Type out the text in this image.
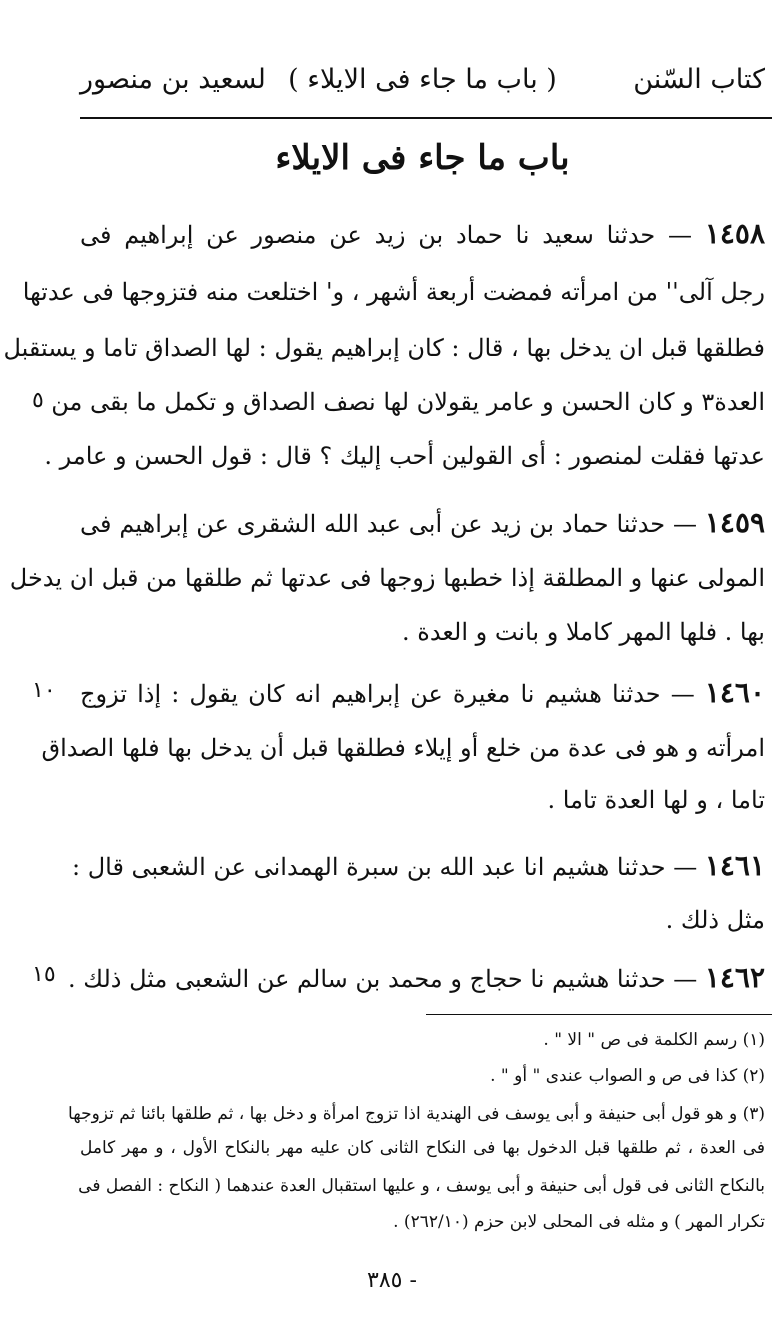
كتاب السّنن
( باب ما جاء فى الايلاء )
لسعيد بن منصور
باب ما جاء فى الايلاء
١٤٥٨ — حدثنا سعيد نا حماد بن زيد عن منصور عن إبراهيم فى
رجل آلى'' من امرأته فمضت أربعة أشهر ، و' اختلعت منه فتزوجها فى عدتها
فطلقها قبل ان يدخل بها ، قال : كان إبراهيم يقول : لها الصداق تاما و يستقبل
العدة٣ و كان الحسن و عامر يقولان لها نصف الصداق و تكمل ما بقى من
عدتها فقلت لمنصور : أى القولين أحب إليك ؟ قال : قول الحسن و عامر .
١٤٥٩ — حدثنا حماد بن زيد عن أبى عبد الله الشقرى عن إبراهيم فى
المولى عنها و المطلقة إذا خطبها زوجها فى عدتها ثم طلقها من قبل ان يدخل
بها . فلها المهر كاملا و بانت و العدة .
١٤٦٠ — حدثنا هشيم نا مغيرة عن إبراهيم انه كان يقول : إذا تزوج
امرأته و هو فى عدة من خلع أو إيلاء فطلقها قبل أن يدخل بها فلها الصداق
تاما ، و لها العدة تاما .
١٤٦١ — حدثنا هشيم انا عبد الله بن سبرة الهمدانى عن الشعبى قال :
مثل ذلك .
١٤٦٢ — حدثنا هشيم نا حجاج و محمد بن سالم عن الشعبى مثل ذلك .
٥
١٠
١٥
(١) رسم الكلمة فى ص " الا " .
(٢) كذا فى ص و الصواب عندى " أو " .
(٣) و هو قول أبى حنيفة و أبى يوسف فى الهندية اذا تزوج امرأة و دخل بها ، ثم طلقها بائنا ثم تزوجها
فى العدة ، ثم طلقها قبل الدخول بها فى النكاح الثانى كان عليه مهر بالنكاح الأول ، و مهر كامل
بالنكاح الثانى فى قول أبى حنيفة و أبى يوسف ، و عليها استقبال العدة عندهما ( النكاح : الفصل فى
تكرار المهر ) و مثله فى المحلى لابن حزم (٢٦٢/١٠) .
- ٣٨٥
